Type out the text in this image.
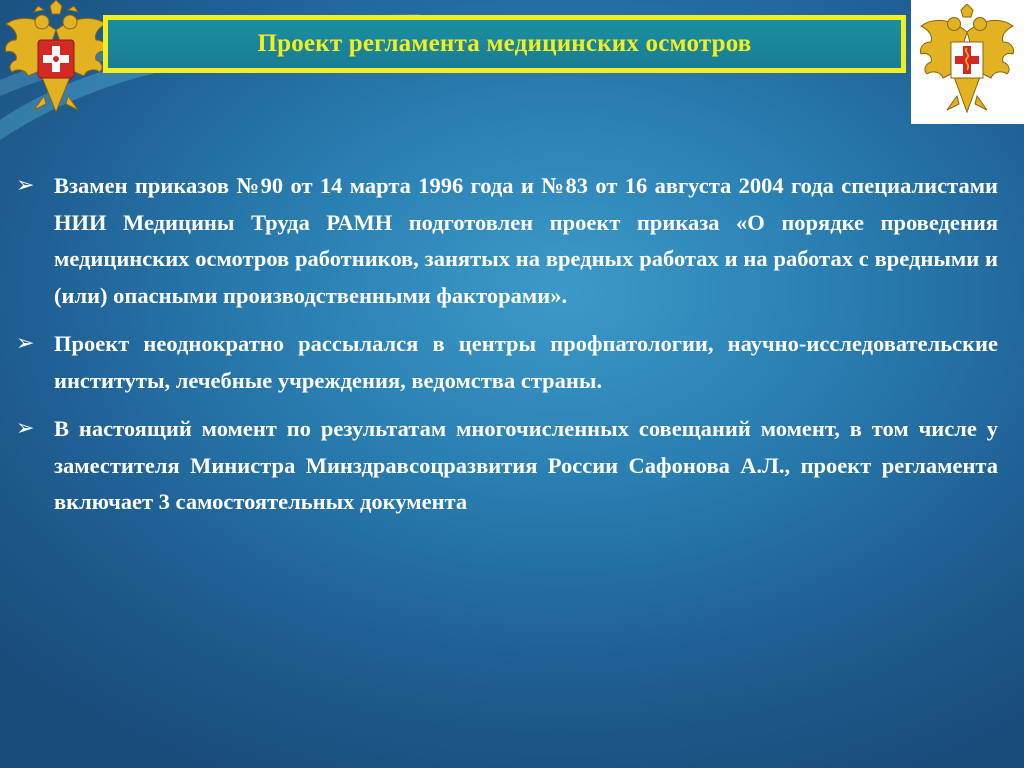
Проект регламента медицинских осмотров
➢ Взамен приказов №90 от 14 марта 1996 года и №83 от 16 августа 2004 года специалистами НИИ Медицины Труда РАМН подготовлен проект приказа «О порядке проведения медицинских осмотров работников, занятых на вредных работах и на работах с вредными и (или) опасными производственными факторами».
➢ Проект неоднократно рассылался в центры профпатологии, научно-исследовательские институты, лечебные учреждения, ведомства страны.
➢ В настоящий момент по результатам многочисленных совещаний момент, в том числе у заместителя Министра Минздравсоцразвития России Сафонова А.Л., проект регламента включает 3 самостоятельных документа
